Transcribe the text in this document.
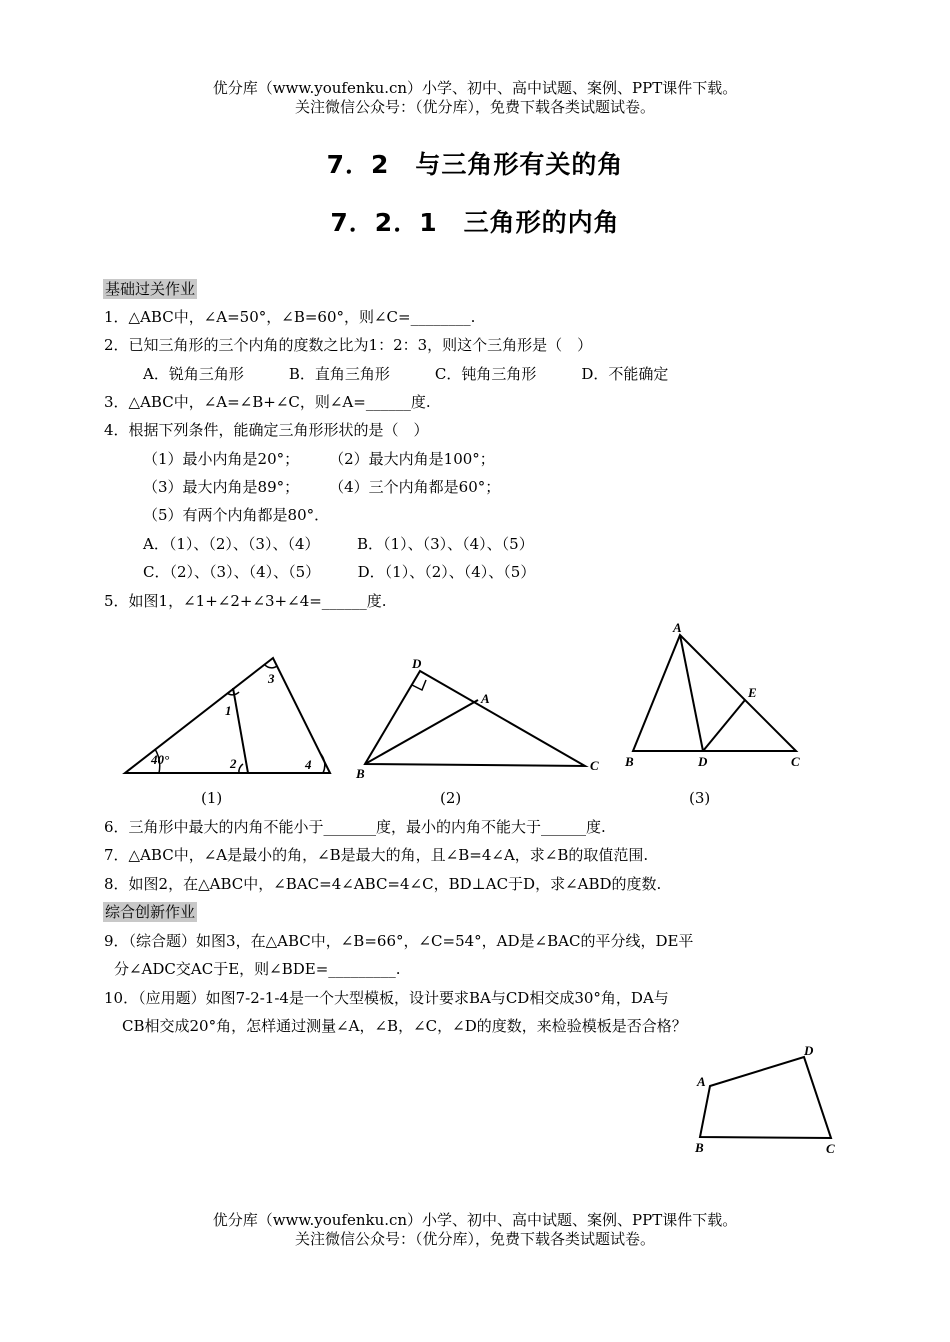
优分库（www.youfenku.cn）小学、初中、高中试题、案例、PPT课件下载。
关注微信公众号：（优分库），免费下载各类试题试卷。
7．2　与三角形有关的角
7．2．1　三角形的内角
基础过关作业
1．△ABC中，∠A=50°，∠B=60°，则∠C=________.
2．已知三角形的三个内角的度数之比为1：2：3，则这个三角形是（　）
A．锐角三角形　　　B．直角三角形　　　C．钝角三角形　　　D．不能确定
3．△ABC中，∠A=∠B+∠C，则∠A=______度.
4．根据下列条件，能确定三角形形状的是（　）
（1）最小内角是20°；　　　（2）最大内角是100°；
（3）最大内角是89°；　　　（4）三个内角都是60°；
（5）有两个内角都是80°．
A．（1）、（2）、（3）、（4）　　　B．（1）、（3）、（4）、（5）
C．（2）、（3）、（4）、（5）　　　D．（1）、（2）、（4）、（5）
5．如图1，∠1+∠2+∠3+∠4=______度.
40°
1
2
3
4
(1)
D
A
B
C
(2)
A
E
B	D	C
(3)
6．三角形中最大的内角不能小于_______度，最小的内角不能大于______度.
7．△ABC中，∠A是最小的角，∠B是最大的角，且∠B=4∠A，求∠B的取值范围.
8．如图2，在△ABC中，∠BAC=4∠ABC=4∠C，BD⊥AC于D，求∠ABD的度数.
综合创新作业
9．（综合题）如图3，在△ABC中，∠B=66°，∠C=54°，AD是∠BAC的平分线，DE平
分∠ADC交AC于E，则∠BDE=_________.
10．（应用题）如图7-2-1-4是一个大型模板，设计要求BA与CD相交成30°角，DA与
CB相交成20°角，怎样通过测量∠A，∠B，∠C，∠D的度数，来检验模板是否合格？
A
D
B	C
优分库（www.youfenku.cn）小学、初中、高中试题、案例、PPT课件下载。
关注微信公众号：（优分库），免费下载各类试题试卷。
